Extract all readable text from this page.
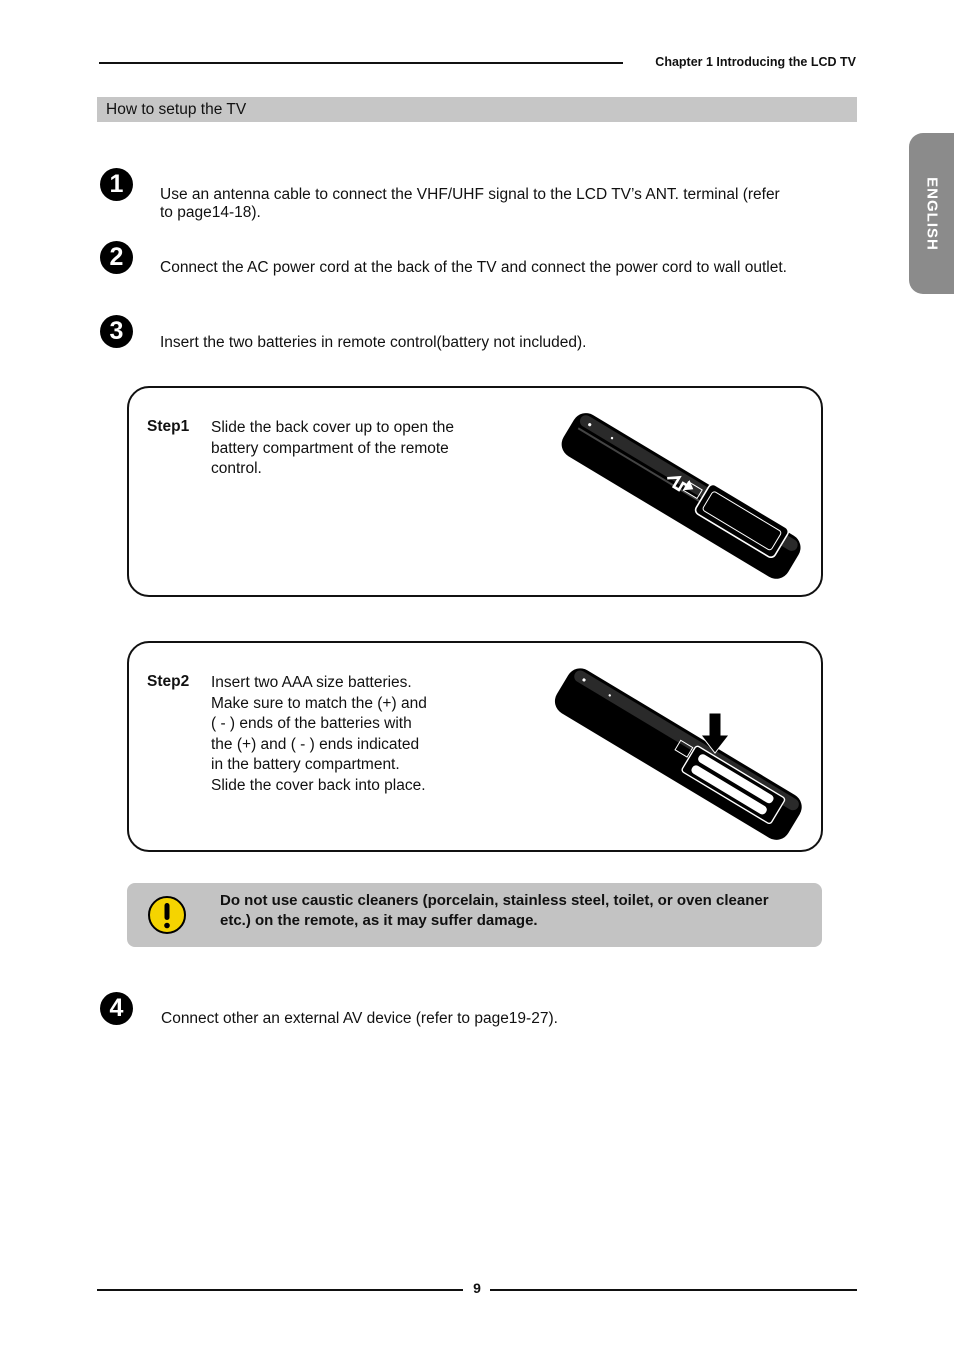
Chapter 1 Introducing the LCD TV
How to setup the TV
ENGLISH
1 Use an antenna cable to connect the VHF/UHF signal to the LCD TV’s ANT. terminal (refer
to page14-18).
2 Connect the AC power cord at the back of the TV and connect the power cord to wall outlet.
3 Insert the two batteries in remote control(battery not included).
Step1 Slide the back cover up to open the
battery compartment of the remote
control.
Step2 Insert two AAA size batteries.
Make sure to match the (+) and
( - ) ends of the batteries with
the (+) and ( - ) ends indicated
in the battery compartment.
Slide the cover back into place.
Do not use caustic cleaners (porcelain, stainless steel, toilet, or oven cleaner
etc.) on the remote, as it may suffer damage.
4 Connect other an external AV device (refer to page19-27).
9
